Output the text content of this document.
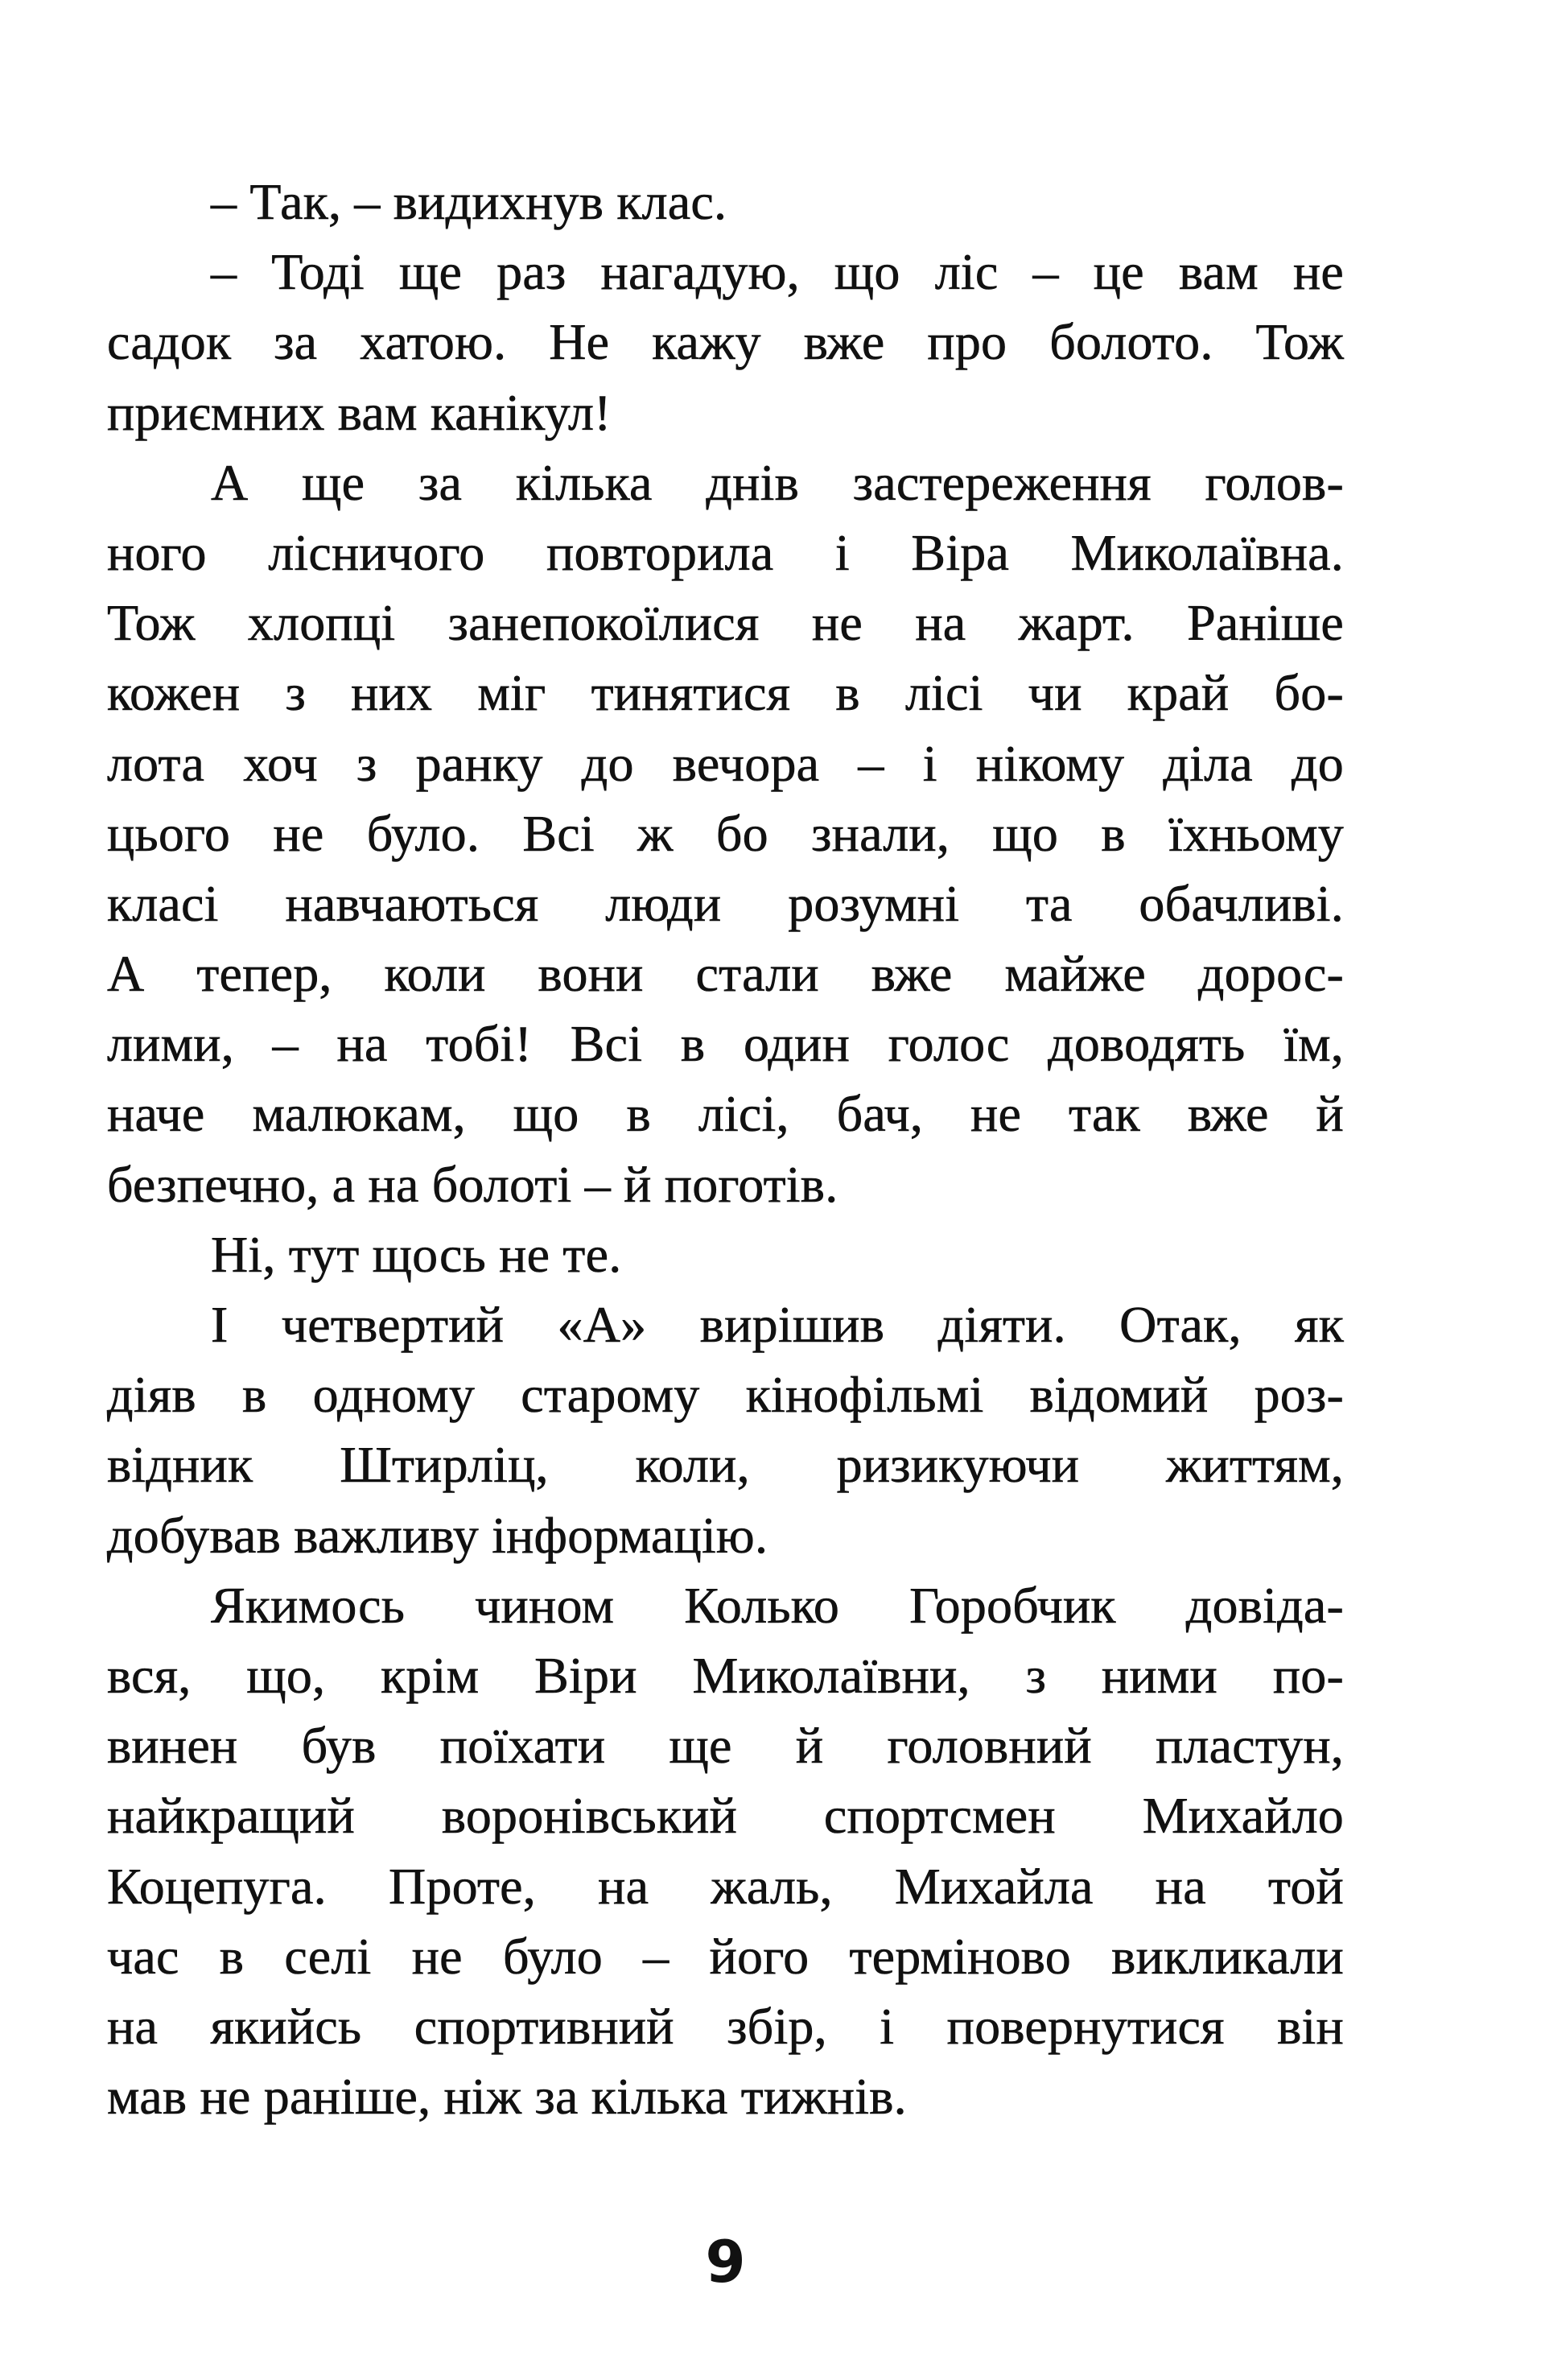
– Так, – видихнув клас.
– Тоді ще раз нагадую, що ліс – це вам не
садок за хатою. Не кажу вже про болото. Тож
приємних вам канікул!
А ще за кілька днів застереження голов-
ного лісничого повторила і Віра Миколаївна.
Тож хлопці занепокоїлися не на жарт. Раніше
кожен з них міг тинятися в лісі чи край бо-
лота хоч з ранку до вечора – і нікому діла до
цього не було. Всі ж бо знали, що в їхньому
класі навчаються люди розумні та обачливі.
А тепер, коли вони стали вже майже дорос-
лими, – на тобі! Всі в один голос доводять їм,
наче малюкам, що в лісі, бач, не так вже й
безпечно, а на болоті – й поготів.
Ні, тут щось не те.
І четвертий «А» вирішив діяти. Отак, як
діяв в одному старому кінофільмі відомий роз-
відник Штирліц, коли, ризикуючи життям,
добував важливу інформацію.
Якимось чином Колько Горобчик довіда-
вся, що, крім Віри Миколаївни, з ними по-
винен був поїхати ще й головний пластун,
найкращий воронівський спортсмен Михайло
Коцепуга. Проте, на жаль, Михайла на той
час в селі не було – його терміново викликали
на якийсь спортивний збір, і повернутися він
мав не раніше, ніж за кілька тижнів.
9
